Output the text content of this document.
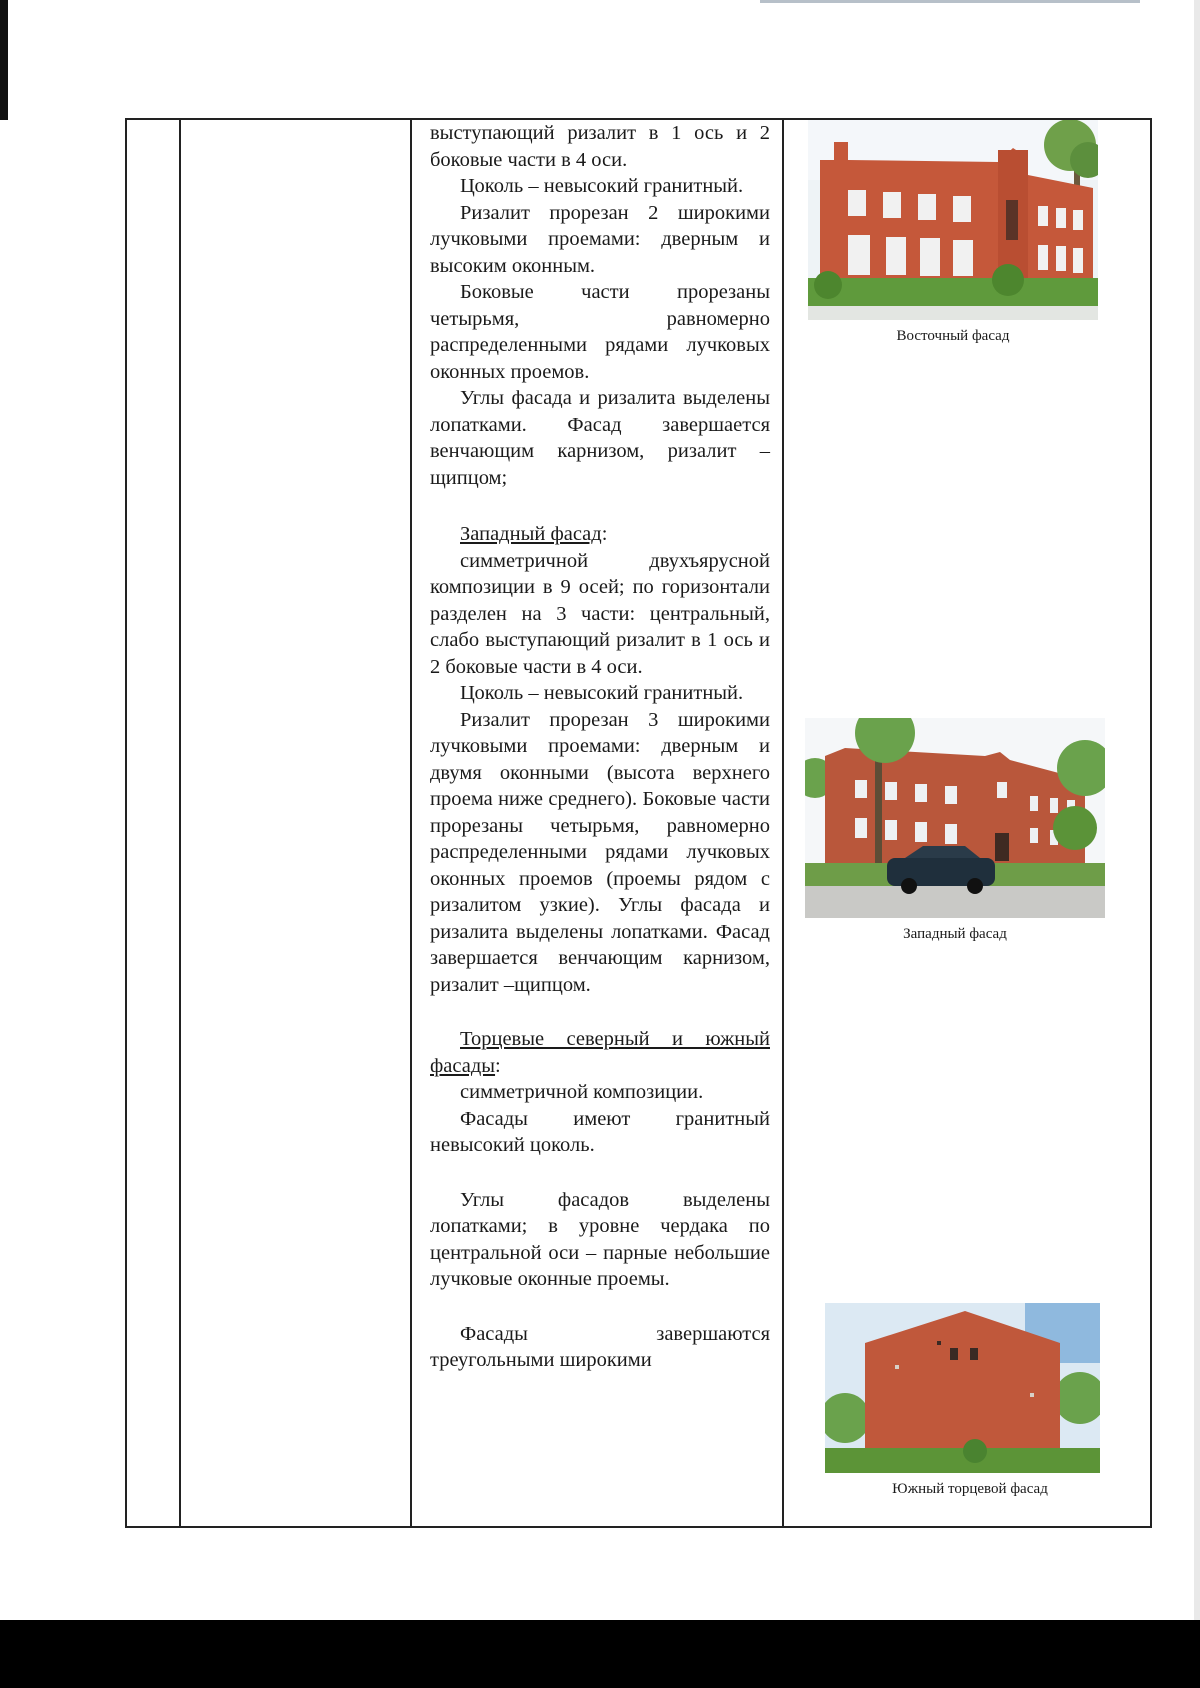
выступающий ризалит в 1 ось и 2 боковые части в 4 оси.

Цоколь – невысокий гранитный.

Ризалит прорезан 2 широкими лучковыми проемами: дверным и высоким оконным.

Боковые части прорезаны четырьмя, равномерно распределенными рядами лучковых оконных проемов.

Углы фасада и ризалита выделены лопатками. Фасад завершается венчающим карнизом, ризалит –щипцом;

Западный фасад:

симметричной двухъярусной композиции в 9 осей; по горизонтали разделен на 3 части: центральный, слабо выступающий ризалит в 1 ось и 2 боковые части в 4 оси.

Цоколь – невысокий гранитный.

Ризалит прорезан 3 широкими лучковыми проемами: дверным и двумя оконными (высота верхнего проема ниже среднего). Боковые части прорезаны четырьмя, равномерно распределенными рядами лучковых оконных проемов (проемы рядом с ризалитом узкие). Углы фасада и ризалита выделены лопатками. Фасад завершается венчающим карнизом, ризалит –щипцом.

Торцевые северный и южный фасады:

симметричной композиции.

Фасады имеют гранитный невысокий цоколь.

Углы фасадов выделены лопатками; в уровне чердака по центральной оси – парные небольшие лучковые оконные проемы.

Фасады завершаются треугольными широкими

Восточный фасад
Западный фасад
Южный торцевой фасад
